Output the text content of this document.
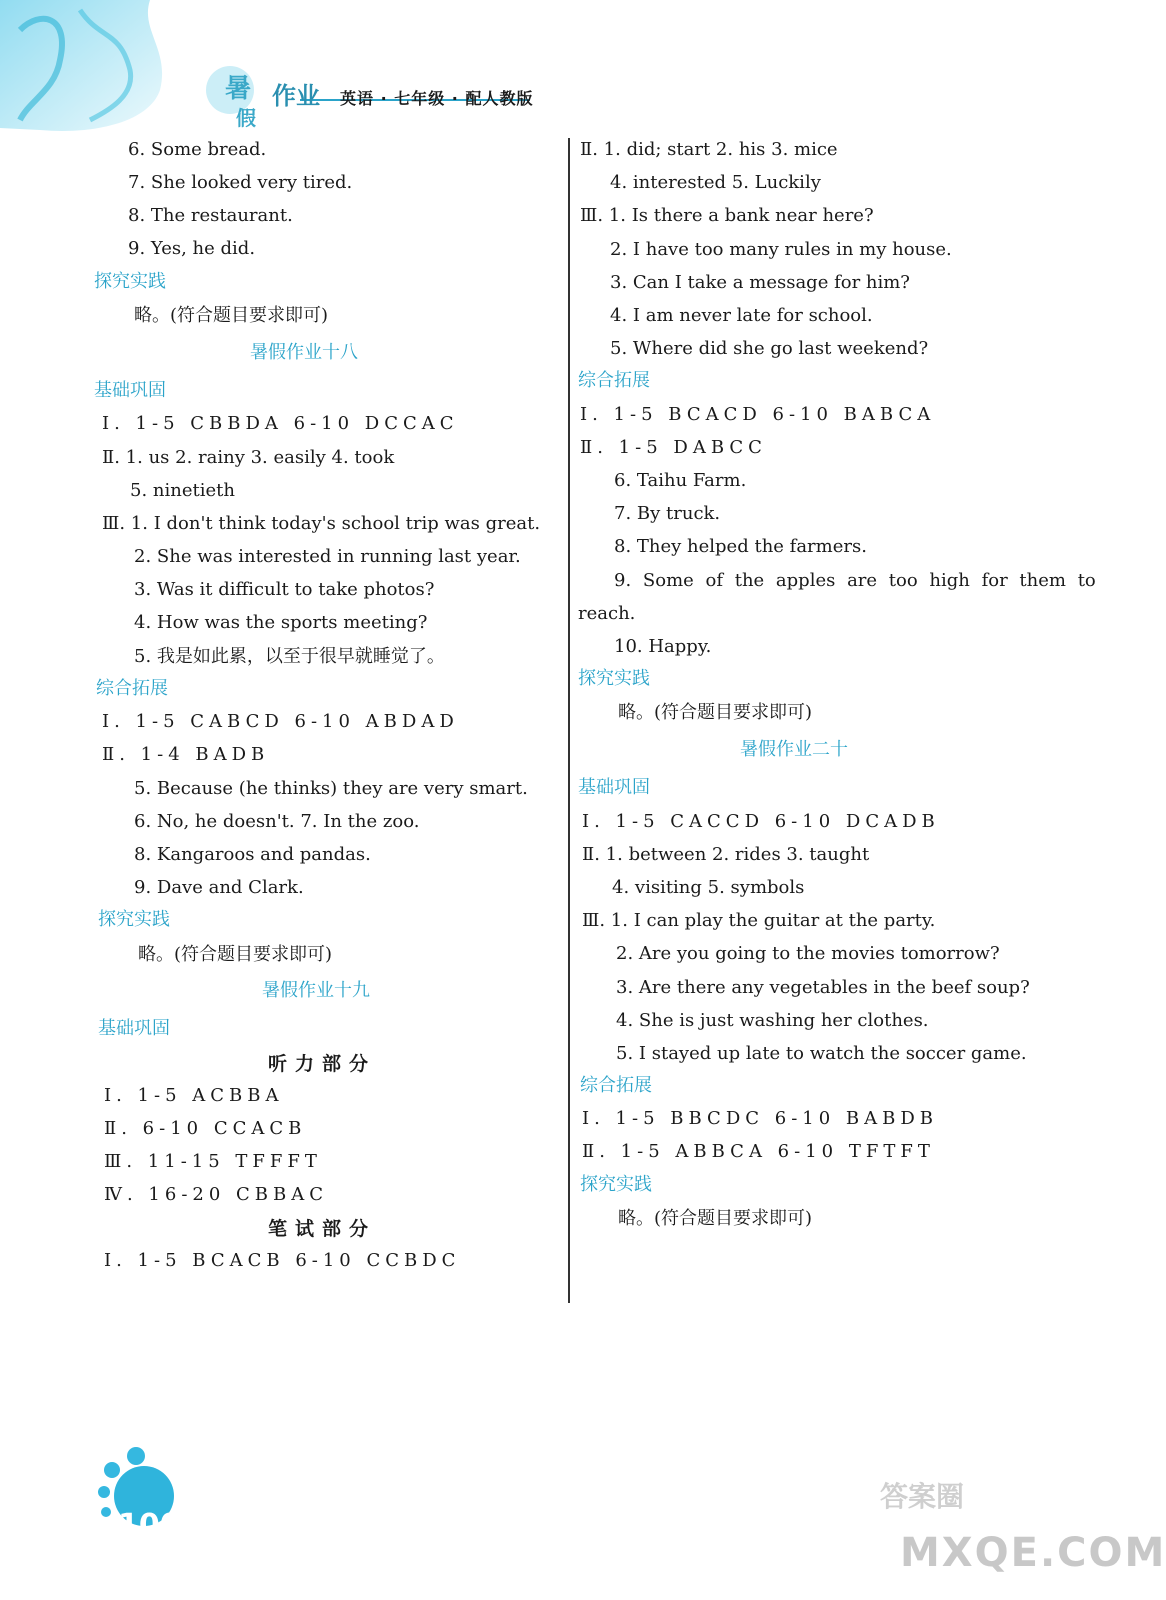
暑 作业
假
英语 · 七年级 · 配人教版
6. Some bread.
7. She looked very tired.
8. The restaurant.
9. Yes, he did.
探究实践
略。(符合题目要求即可)
暑假作业十八
基础巩固
Ⅰ. 1-5 CBBDA 6-10 DCCAC
Ⅱ. 1. us 2. rainy 3. easily 4. took
5. ninetieth
Ⅲ. 1. I don't think today's school trip was great.
2. She was interested in running last year.
3. Was it difficult to take photos?
4. How was the sports meeting?
5. 我是如此累，以至于很早就睡觉了。
综合拓展
Ⅰ. 1-5 CABCD 6-10 ABDAD
Ⅱ. 1-4 BADB
5. Because (he thinks) they are very smart.
6. No, he doesn't. 7. In the zoo.
8. Kangaroos and pandas.
9. Dave and Clark.
探究实践
略。(符合题目要求即可)
暑假作业十九
基础巩固
听力部分
Ⅰ. 1-5 ACBBA
Ⅱ. 6-10 CCACB
Ⅲ. 11-15 TFFFT
Ⅳ. 16-20 CBBAC
笔试部分
Ⅰ. 1-5 BCACB 6-10 CCBDC
Ⅱ. 1. did; start 2. his 3. mice
4. interested 5. Luckily
Ⅲ. 1. Is there a bank near here?
2. I have too many rules in my house.
3. Can I take a message for him?
4. I am never late for school.
5. Where did she go last weekend?
综合拓展
Ⅰ. 1-5 BCACD 6-10 BABCA
Ⅱ. 1-5 DABCC
6. Taihu Farm.
7. By truck.
8. They helped the farmers.
9. Some of the apples are too high for them to
reach.
10. Happy.
探究实践
略。(符合题目要求即可)
暑假作业二十
基础巩固
Ⅰ. 1-5 CACCD 6-10 DCADB
Ⅱ. 1. between 2. rides 3. taught
4. visiting 5. symbols
Ⅲ. 1. I can play the guitar at the party.
2. Are you going to the movies tomorrow?
3. Are there any vegetables in the beef soup?
4. She is just washing her clothes.
5. I stayed up late to watch the soccer game.
综合拓展
Ⅰ. 1-5 BBCDC 6-10 BABDB
Ⅱ. 1-5 ABBCA 6-10 TFTFT
探究实践
略。(符合题目要求即可)
100
答案圈
MXQE.COM
